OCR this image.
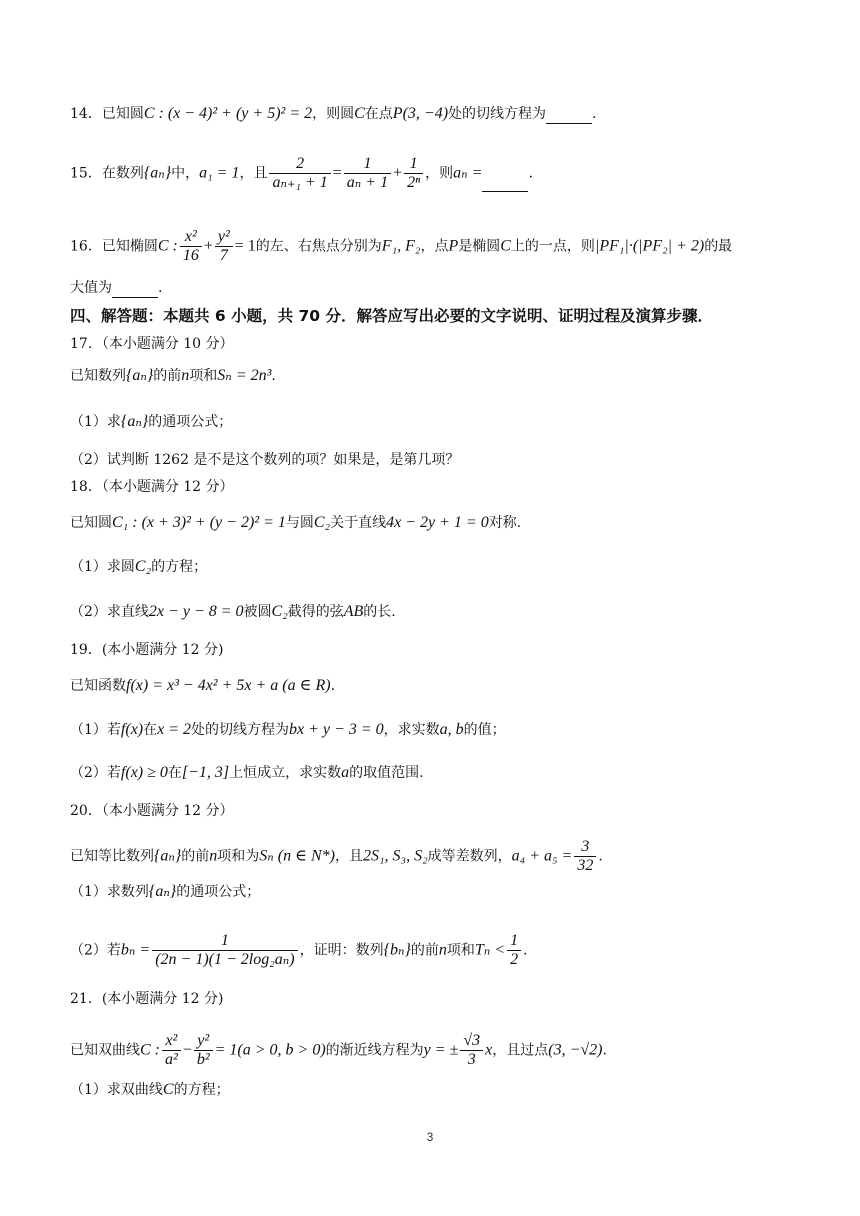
14．已知圆C : (x − 4)² + (y + 5)² = 2，则圆C在点P(3, −4)处的切线方程为	.
15．在数列{aₙ}中，a₁ = 1，且 $\frac{2}{\text{aₙ₊₁ + 1}} = \frac{1}{\text{aₙ + 1}} + \frac{1}{\text{2ⁿ}}$ ，则aₙ =	.
16．已知椭圆C : $\frac{\text{x²}}{16} + \frac{\text{y²}}{7} = 1$的左、右焦点分别为F₁, F₂，点P是椭圆C上的一点，则|PF₁|·(|PF₂| + 2)的最
大值为	.
四、解答题：本题共 6 小题，共 70 分．解答应写出必要的文字说明、证明过程及演算步骤．
17．（本小题满分 10 分）
已知数列{aₙ}的前n项和Sₙ = 2n³.
（1）求{aₙ}的通项公式；
（2）试判断 1262 是不是这个数列的项？如果是，是第几项？
18．（本小题满分 12 分）
已知圆C₁ : (x + 3)² + (y − 2)² = 1与圆C₂关于直线4x − 2y + 1 = 0对称.
（1）求圆C₂的方程；
（2）求直线2x − y − 8 = 0被圆C₂截得的弦AB的长.
19．(本小题满分 12 分)
已知函数f(x) = x³ − 4x² + 5x + a (a ∈ R).
（1）若f(x)在x = 2处的切线方程为bx + y − 3 = 0，求实数a, b的值；
（2）若f(x) ≥ 0在[−1, 3]上恒成立，求实数a的取值范围.
20．（本小题满分 12 分）
已知等比数列{aₙ}的前n项和为Sₙ (n ∈ N*)，且2S₁, S₃, S₂成等差数列，$a_4 + a_5 = \frac{3}{32}$ .
（1）求数列{aₙ}的通项公式；
（2）若$b_n = \frac{1}{\text{(2n − 1)(1 − 2log₂aₙ)}}$ ，证明：数列{bₙ}的前n项和$T_n < \frac{1}{2}$ .
21．(本小题满分 12 分)
已知双曲线C : $\frac{\text{x²}}{\text{a²}} - \frac{\text{y²}}{\text{b²}} = 1(a > 0$, b > 0)的渐近线方程为y = ± $\frac{√3}{3}$ x，且过点(3, −√2).
（1）求双曲线C的方程；
3
